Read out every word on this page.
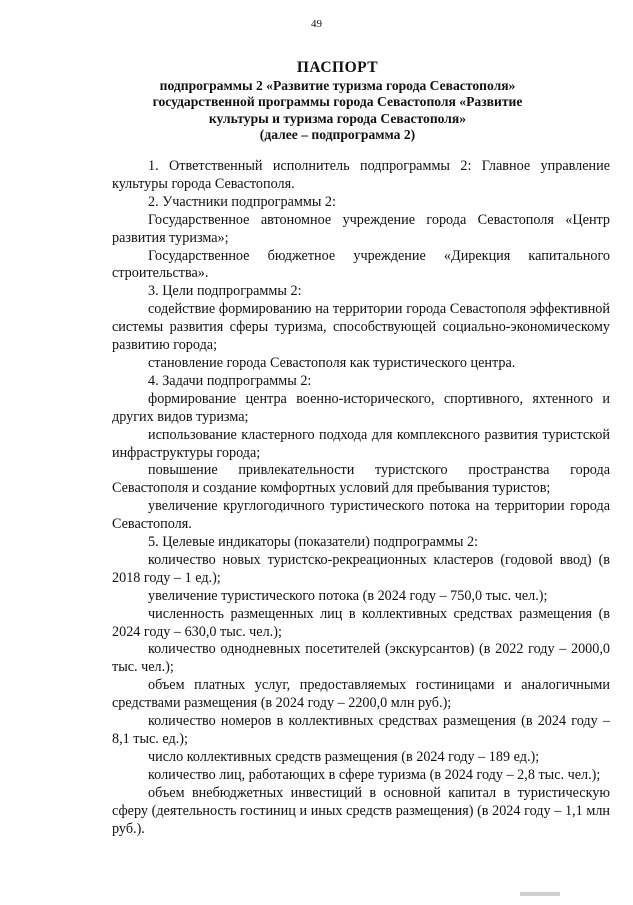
49
ПАСПОРТ
подпрограммы 2 «Развитие туризма города Севастополя»
государственной программы города Севастополя «Развитие
культуры и туризма города Севастополя»
(далее – подпрограмма 2)

1. Ответственный исполнитель подпрограммы 2: Главное управление культуры города Севастополя.

2. Участники подпрограммы 2:

Государственное автономное учреждение города Севастополя «Центр развития туризма»;

Государственное бюджетное учреждение «Дирекция капитального строительства».

3. Цели подпрограммы 2:

содействие формированию на территории города Севастополя эффективной системы развития сферы туризма, способствующей социально-экономическому развитию города;

становление города Севастополя как туристического центра.

4. Задачи подпрограммы 2:

формирование центра военно-исторического, спортивного, яхтенного и других видов туризма;

использование кластерного подхода для комплексного развития туристской инфраструктуры города;

повышение привлекательности туристского пространства города Севастополя и создание комфортных условий для пребывания туристов;

увеличение круглогодичного туристического потока на территории города Севастополя.

5. Целевые индикаторы (показатели) подпрограммы 2:

количество новых туристско-рекреационных кластеров (годовой ввод) (в 2018 году – 1 ед.);

увеличение туристического потока (в 2024 году – 750,0 тыс. чел.);

численность размещенных лиц в коллективных средствах размещения (в 2024 году – 630,0 тыс. чел.);

количество однодневных посетителей (экскурсантов) (в 2022 году – 2000,0 тыс. чел.);

объем платных услуг, предоставляемых гостиницами и аналогичными средствами размещения (в 2024 году – 2200,0 млн руб.);

количество номеров в коллективных средствах размещения (в 2024 году – 8,1 тыс. ед.);

число коллективных средств размещения (в 2024 году – 189 ед.);

количество лиц, работающих в сфере туризма (в 2024 году – 2,8 тыс. чел.);

объем внебюджетных инвестиций в основной капитал в туристическую сферу (деятельность гостиниц и иных средств размещения) (в 2024 году – 1,1 млн руб.).
